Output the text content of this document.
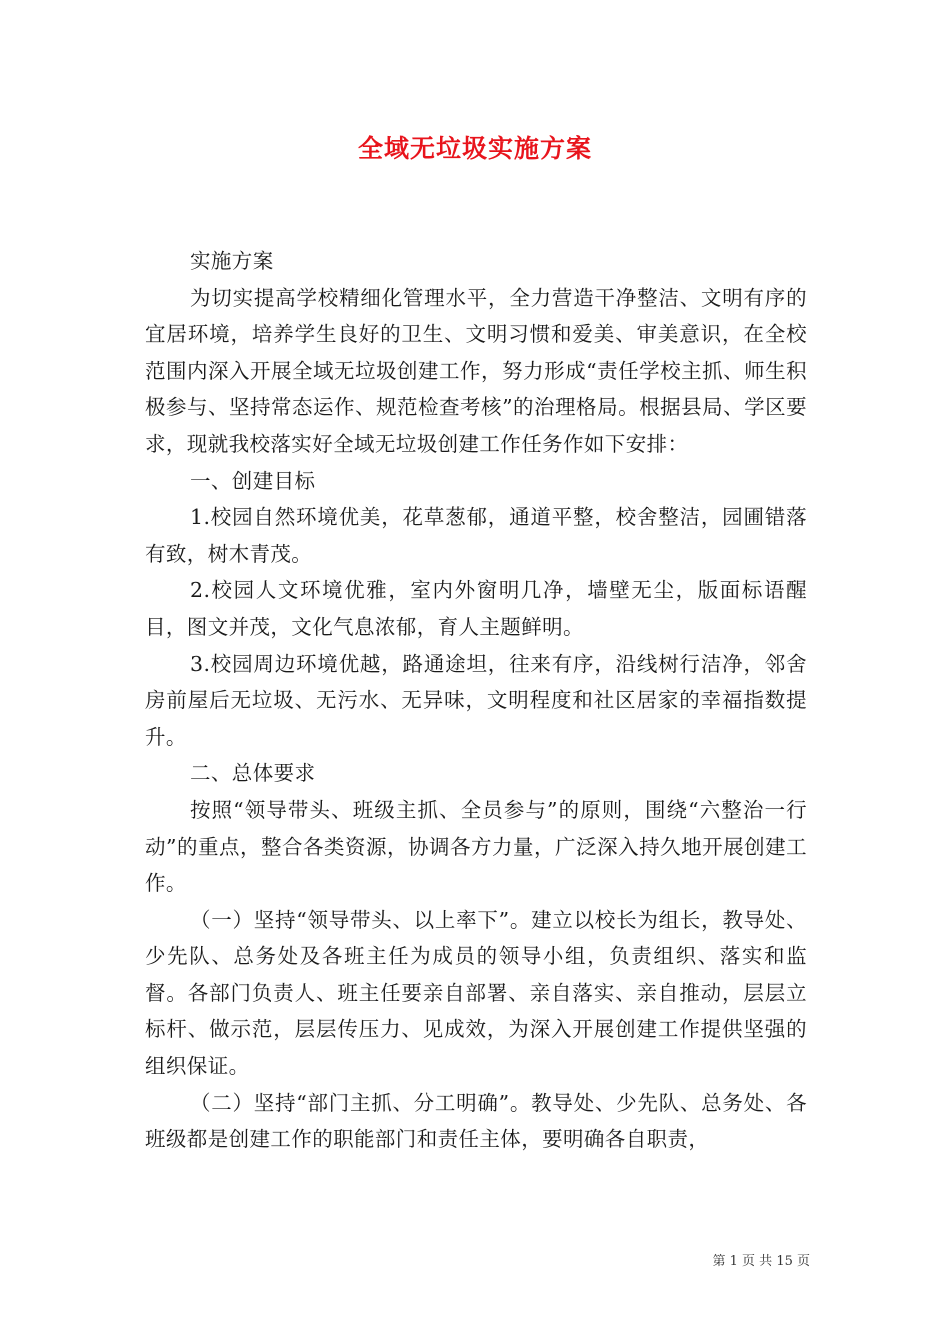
全域无垃圾实施方案

实施方案

为切实提高学校精细化管理水平，全力营造干净整洁、文明有序的宜居环境，培养学生良好的卫生、文明习惯和爱美、审美意识，在全校范围内深入开展全域无垃圾创建工作，努力形成“责任学校主抓、师生积极参与、坚持常态运作、规范检查考核”的治理格局。根据县局、学区要求，现就我校落实好全域无垃圾创建工作任务作如下安排：

一、创建目标

1.校园自然环境优美，花草葱郁，通道平整，校舍整洁，园圃错落有致，树木青茂。

2.校园人文环境优雅，室内外窗明几净，墙壁无尘，版面标语醒目，图文并茂，文化气息浓郁，育人主题鲜明。

3.校园周边环境优越，路通途坦，往来有序，沿线树行洁净，邻舍房前屋后无垃圾、无污水、无异味，文明程度和社区居家的幸福指数提升。

二、总体要求

按照“领导带头、班级主抓、全员参与”的原则，围绕“六整治一行动”的重点，整合各类资源，协调各方力量，广泛深入持久地开展创建工作。

（一）坚持“领导带头、以上率下”。建立以校长为组长，教导处、少先队、总务处及各班主任为成员的领导小组，负责组织、落实和监督。各部门负责人、班主任要亲自部署、亲自落实、亲自推动，层层立标杆、做示范，层层传压力、见成效，为深入开展创建工作提供坚强的组织保证。

（二）坚持“部门主抓、分工明确”。教导处、少先队、总务处、各班级都是创建工作的职能部门和责任主体，要明确各自职责，

第 1 页 共 15 页
